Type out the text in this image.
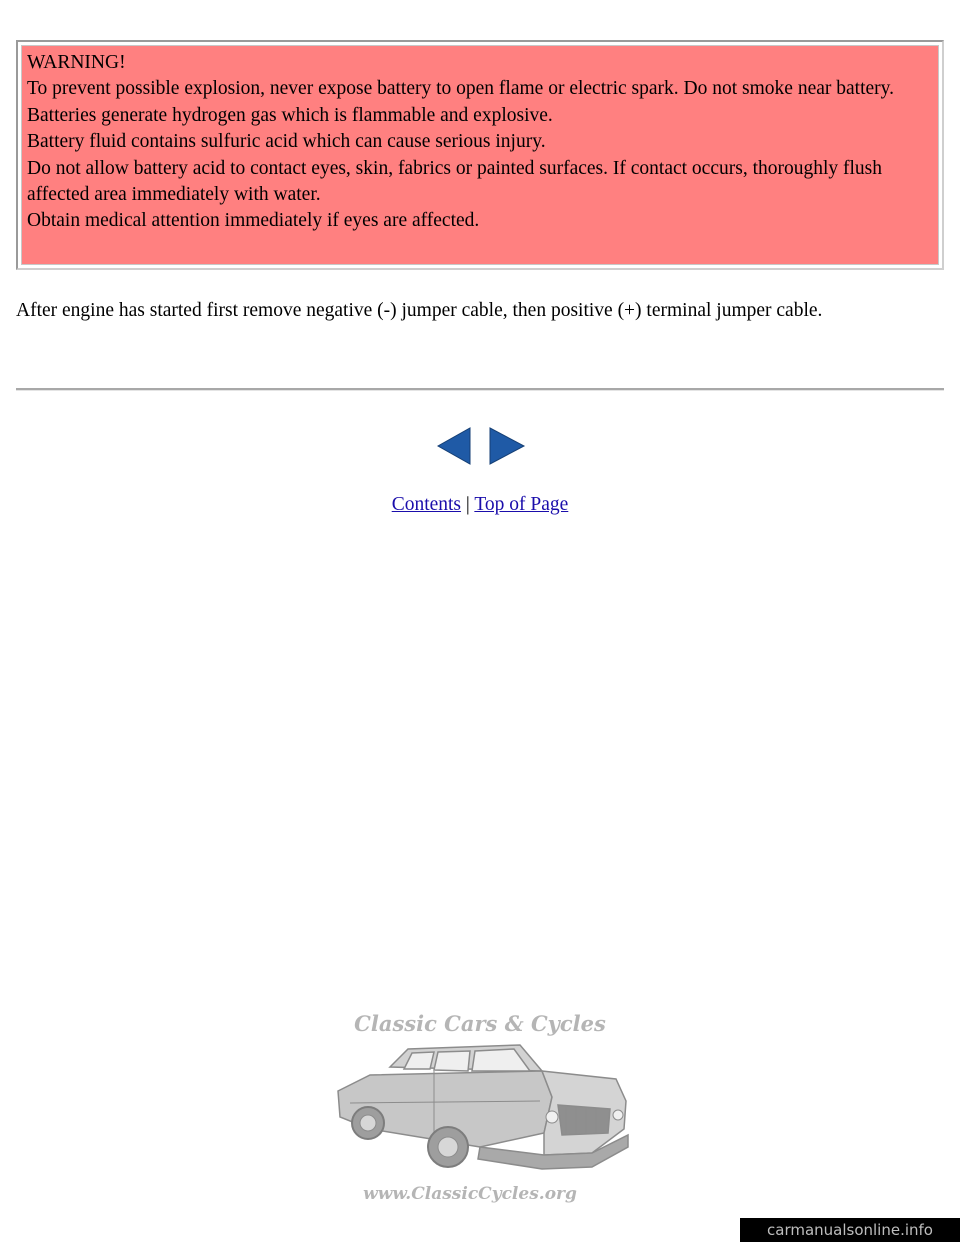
WARNING!

To prevent possible explosion, never expose battery to open flame or electric spark. Do not smoke near battery. Batteries generate hydrogen gas which is flammable and explosive.

Battery fluid contains sulfuric acid which can cause serious injury.

Do not allow battery acid to contact eyes, skin, fabrics or painted surfaces. If contact occurs, thoroughly flush affected area immediately with water.

Obtain medical attention immediately if eyes are affected.

After engine has started first remove negative (-) jumper cable, then positive (+) terminal jumper cable.

Contents | Top of Page
Classic Cars & Cycles
www.ClassicCycles.org
carmanualsonline.info
